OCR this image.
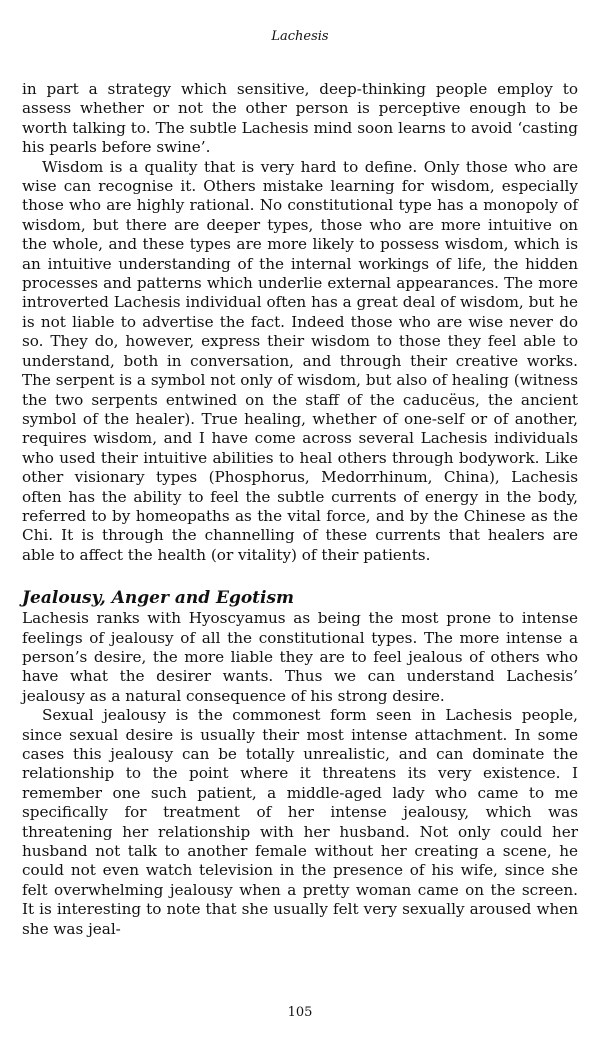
Lachesis

in part a strategy which sensitive, deep-thinking people employ to assess whether or not the other person is perceptive enough to be worth talking to. The subtle Lachesis mind soon learns to avoid ‘casting his pearls before swine’.

Wisdom is a quality that is very hard to define. Only those who are wise can recognise it. Others mistake learning for wisdom, especially those who are highly rational. No constitutional type has a monopoly of wisdom, but there are deeper types, those who are more intuitive on the whole, and these types are more likely to possess wisdom, which is an intuitive understanding of the internal workings of life, the hidden processes and patterns which underlie external appearances. The more introverted Lachesis individual often has a great deal of wisdom, but he is not liable to advertise the fact. Indeed those who are wise never do so. They do, however, express their wisdom to those they feel able to understand, both in conversation, and through their creative works. The serpent is a symbol not only of wisdom, but also of healing (witness the two serpents entwined on the staff of the caducëus, the ancient symbol of the healer). True healing, whether of one-self or of another, requires wisdom, and I have come across several Lachesis individuals who used their intuitive abilities to heal others through bodywork. Like other visionary types (Phosphorus, Medorrhinum, China), Lachesis often has the ability to feel the subtle currents of energy in the body, referred to by homeopaths as the vital force, and by the Chinese as the Chi. It is through the channelling of these currents that healers are able to affect the health (or vitality) of their patients.

Jealousy, Anger and Egotism

Lachesis ranks with Hyoscyamus as being the most prone to intense feelings of jealousy of all the constitutional types. The more intense a person’s desire, the more liable they are to feel jealous of others who have what the desirer wants. Thus we can understand Lachesis’ jealousy as a natural consequence of his strong desire.

Sexual jealousy is the commonest form seen in Lachesis people, since sexual desire is usually their most intense attachment. In some cases this jealousy can be totally unrealistic, and can dominate the relationship to the point where it threatens its very existence. I remember one such patient, a middle-aged lady who came to me specifically for treatment of her intense jealousy, which was threatening her relationship with her husband. Not only could her husband not talk to another female without her creating a scene, he could not even watch television in the presence of his wife, since she felt overwhelming jealousy when a pretty woman came on the screen. It is interesting to note that she usually felt very sexually aroused when she was jeal-

105
